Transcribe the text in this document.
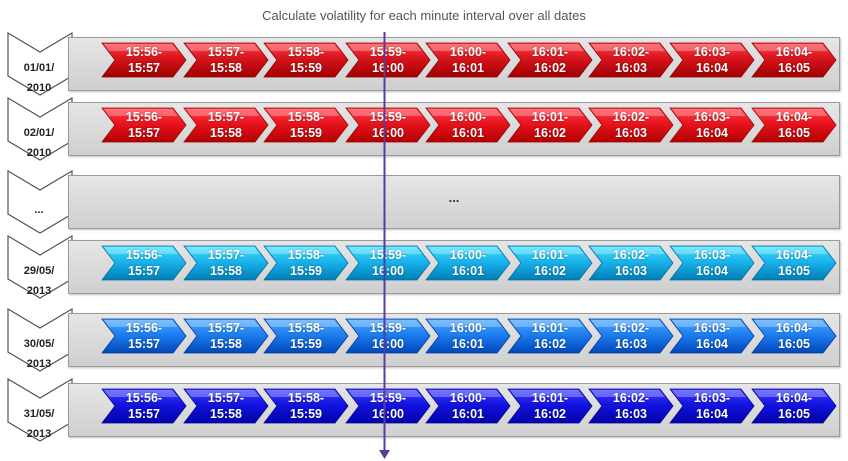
Calculate volatility for each minute interval over all dates
01/01/
2010
15:56-
15:57
15:57-
15:58
15:58-
15:59
15:59-
16:00
16:00-
16:01
16:01-
16:02
16:02-
16:03
16:03-
16:04
16:04-
16:05
02/01/
2010
15:56-
15:57
15:57-
15:58
15:58-
15:59
15:59-
16:00
16:00-
16:01
16:01-
16:02
16:02-
16:03
16:03-
16:04
16:04-
16:05
...
...
29/05/
2013
15:56-
15:57
15:57-
15:58
15:58-
15:59
15:59-
16:00
16:00-
16:01
16:01-
16:02
16:02-
16:03
16:03-
16:04
16:04-
16:05
30/05/
2013
15:56-
15:57
15:57-
15:58
15:58-
15:59
15:59-
16:00
16:00-
16:01
16:01-
16:02
16:02-
16:03
16:03-
16:04
16:04-
16:05
31/05/
2013
15:56-
15:57
15:57-
15:58
15:58-
15:59
15:59-
16:00
16:00-
16:01
16:01-
16:02
16:02-
16:03
16:03-
16:04
16:04-
16:05
